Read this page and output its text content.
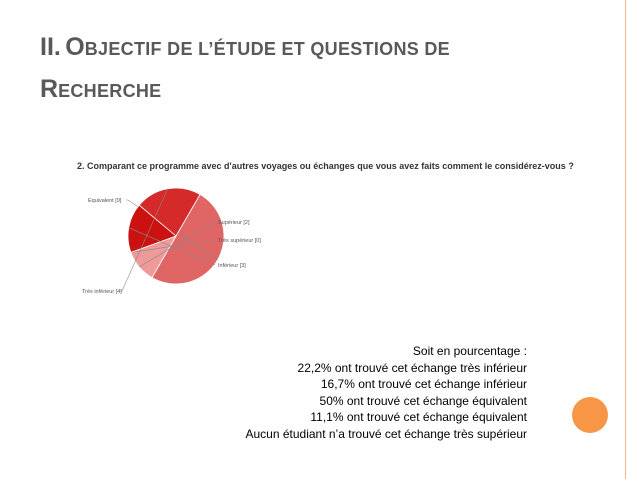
II. OBJECTIF DE L’ÉTUDE ET QUESTIONS DE
RECHERCHE
2. Comparant ce programme avec d'autres voyages ou échanges que vous avez faits comment le considérez-vous ?
Equivalent [9]
Supérieur [2]
Très supérieur [0]
Inférieur [3]
Très inférieur [4]
Soit en pourcentage :
22,2% ont trouvé cet échange très inférieur
16,7% ont trouvé cet échange inférieur
50% ont trouvé cet échange équivalent
11,1% ont trouvé cet échange équivalent
Aucun étudiant n’a trouvé cet échange très supérieur
